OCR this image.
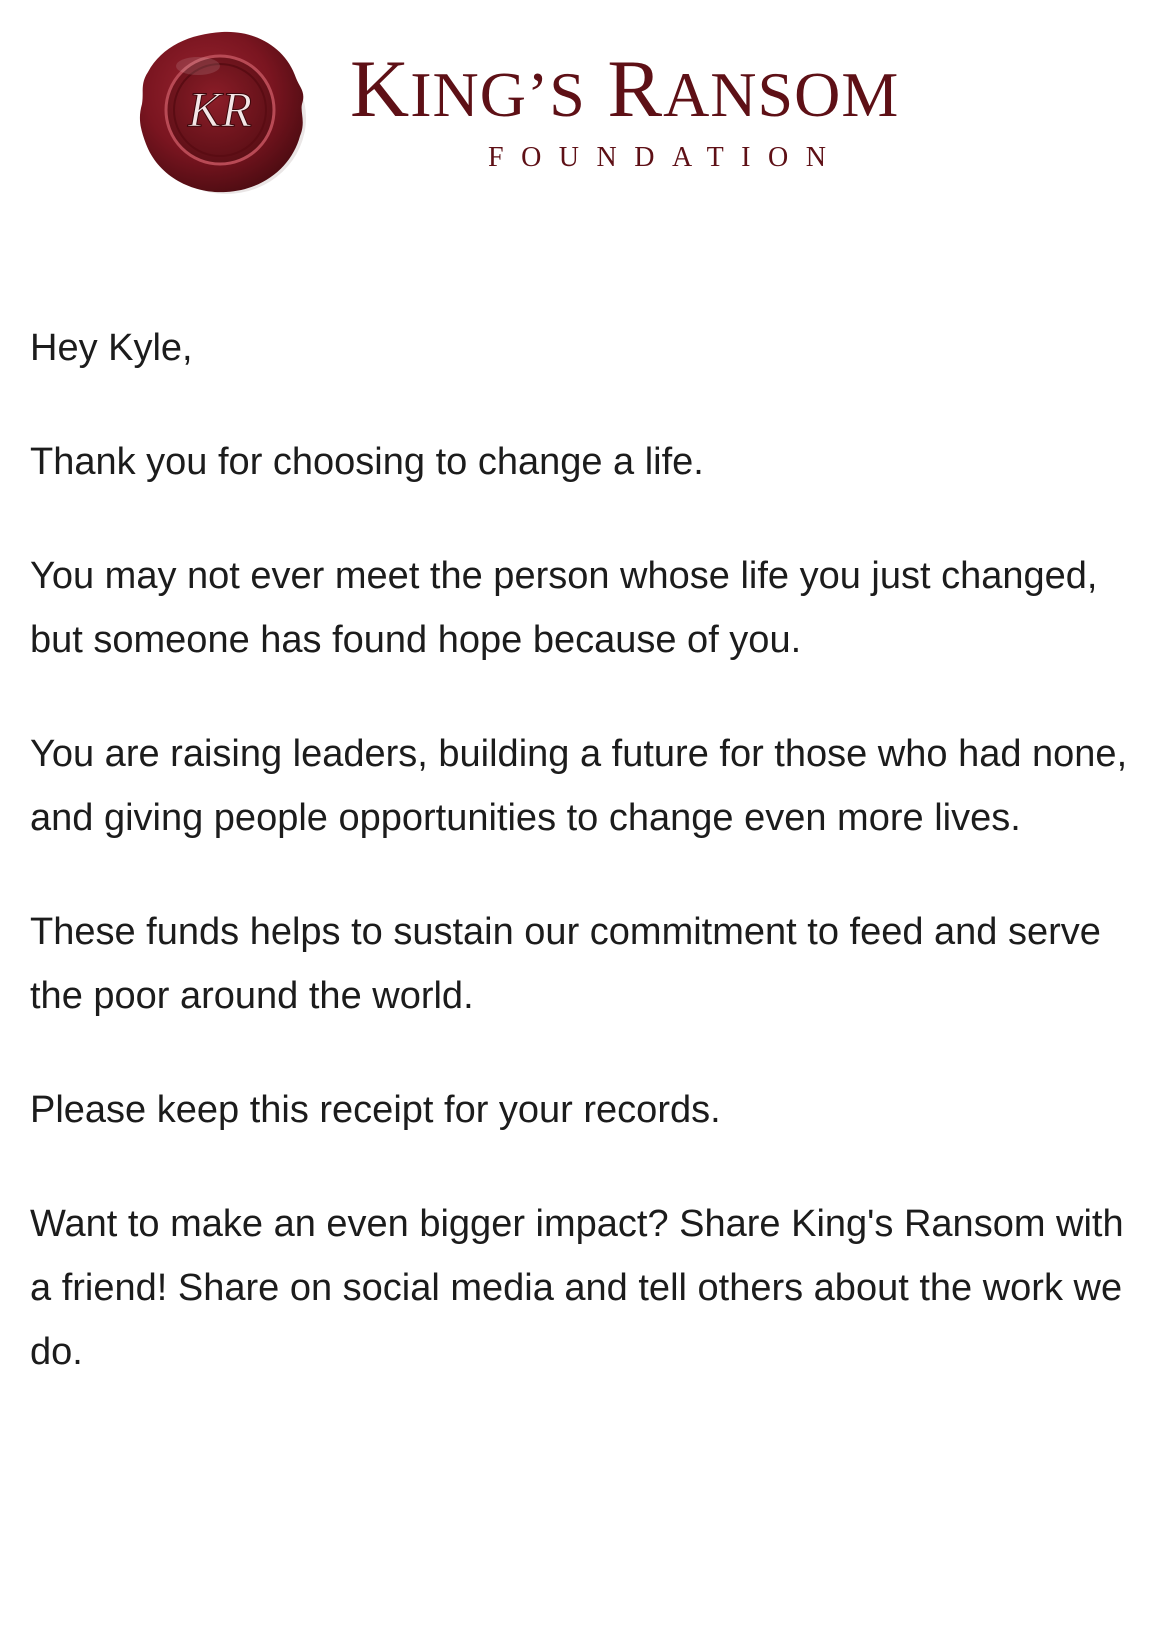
KR KING’S RANSOM
FOUNDATION

Hey Kyle,

Thank you for choosing to change a life.

You may not ever meet the person whose life you just changed, but someone has found hope because of you.

You are raising leaders, building a future for those who had none, and giving people opportunities to change even more lives.

These funds helps to sustain our commitment to feed and serve the poor around the world.

Please keep this receipt for your records.

Want to make an even bigger impact? Share King's Ransom with a friend! Share on social media and tell others about the work we do.
